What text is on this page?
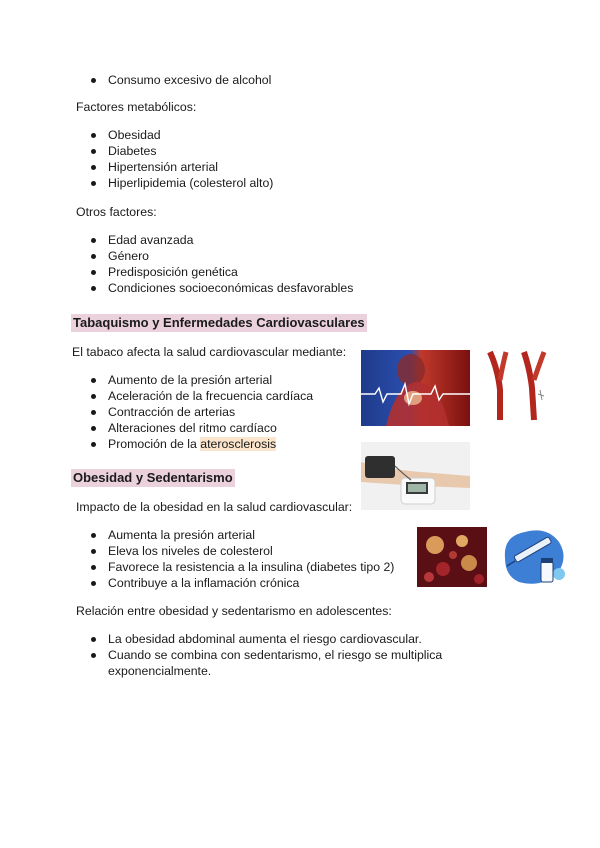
Consumo excesivo de alcohol
Factores metabólicos:
Obesidad
Diabetes
Hipertensión arterial
Hiperlipidemia (colesterol alto)
Otros factores:
Edad avanzada
Género
Predisposición genética
Condiciones socioeconómicas desfavorables
Tabaquismo y Enfermedades Cardiovasculares
El tabaco afecta la salud cardiovascular mediante:
Aumento de la presión arterial
Aceleración de la frecuencia cardíaca
Contracción de arterias
Alteraciones del ritmo cardíaco
Promoción de la aterosclerosis
Obesidad y Sedentarismo
Impacto de la obesidad en la salud cardiovascular:
Aumenta la presión arterial
Eleva los niveles de colesterol
Favorece la resistencia a la insulina (diabetes tipo 2)
Contribuye a la inflamación crónica
Relación entre obesidad y sedentarismo en adolescentes:
La obesidad abdominal aumenta el riesgo cardiovascular.
Cuando se combina con sedentarismo, el riesgo se multiplica exponencialmente.
